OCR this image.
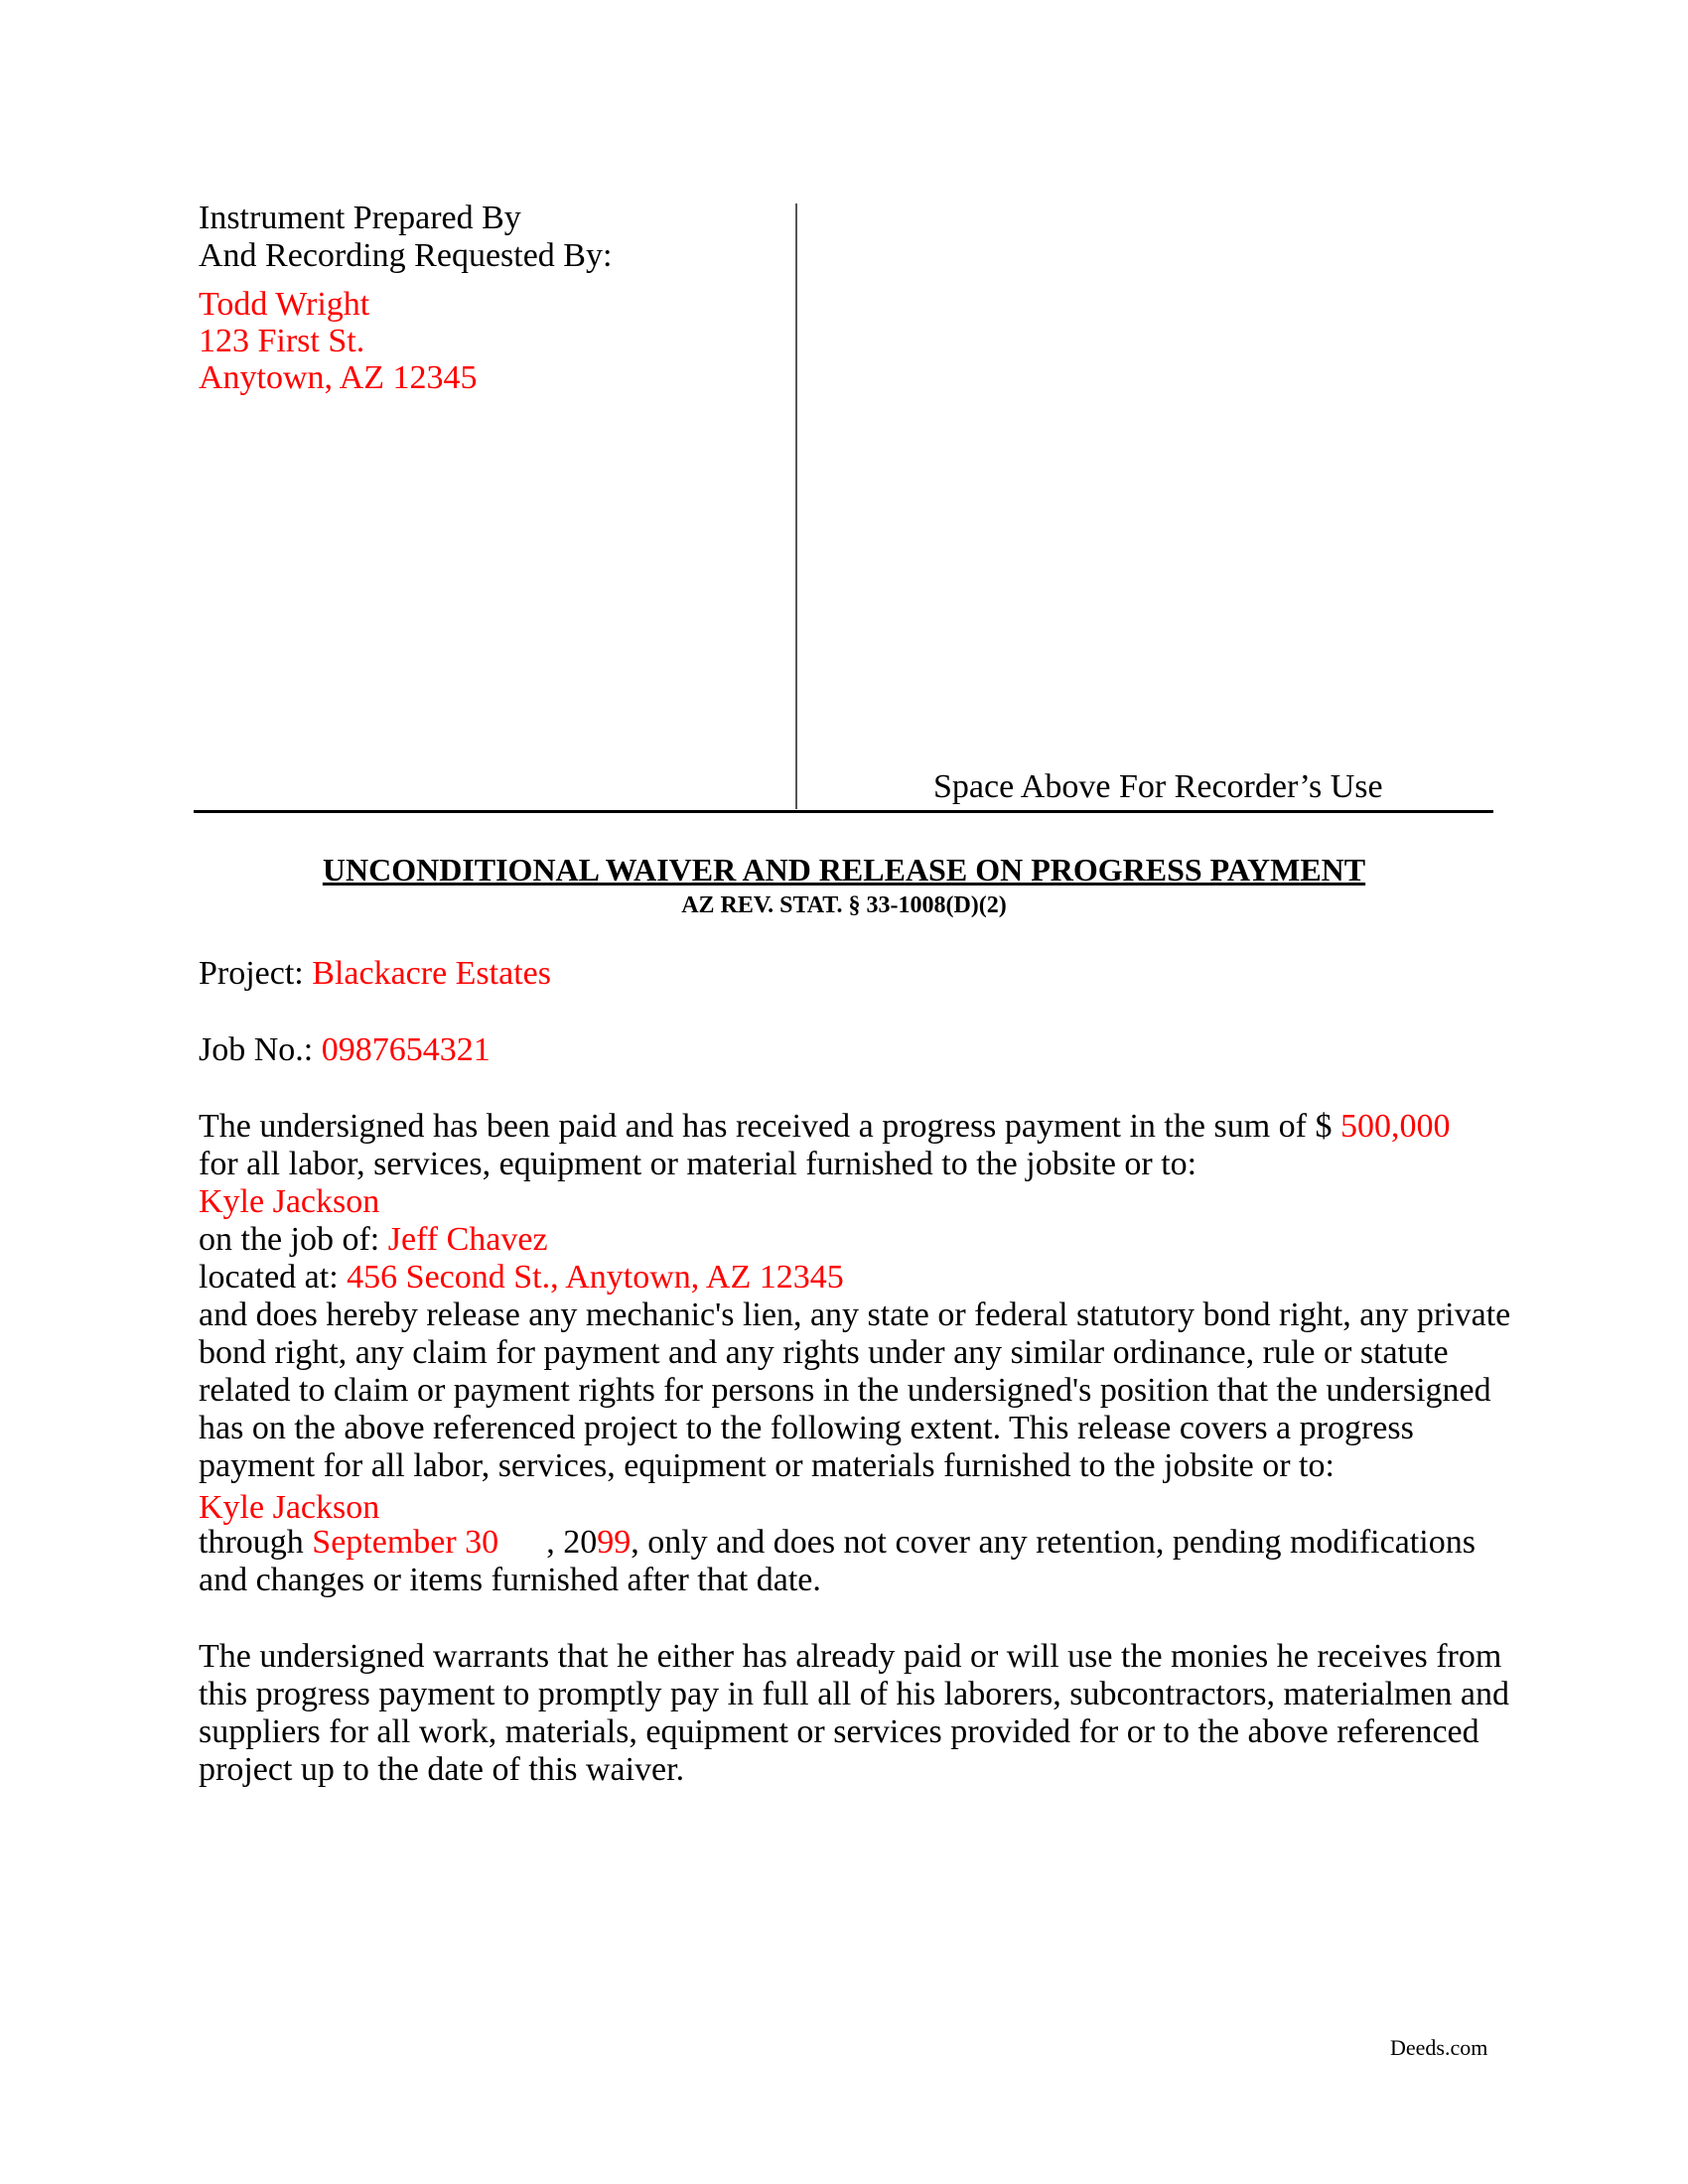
Instrument Prepared By
And Recording Requested By:
Todd Wright
123 First St.
Anytown, AZ 12345
Space Above For Recorder’s Use
UNCONDITIONAL WAIVER AND RELEASE ON PROGRESS PAYMENT
AZ REV. STAT. § 33-1008(D)(2)
Project: Blackacre Estates
Job No.: 0987654321
The undersigned has been paid and has received a progress payment in the sum of $ 500,000
for all labor, services, equipment or material furnished to the jobsite or to:
Kyle Jackson
on the job of: Jeff Chavez
located at: 456 Second St., Anytown, AZ 12345
and does hereby release any mechanic's lien, any state or federal statutory bond right, any private
bond right, any claim for payment and any rights under any similar ordinance, rule or statute
related to claim or payment rights for persons in the undersigned's position that the undersigned
has on the above referenced project to the following extent. This release covers a progress
payment for all labor, services, equipment or materials furnished to the jobsite or to:
Kyle Jackson
through September 30 , 2099, only and does not cover any retention, pending modifications
and changes or items furnished after that date.
The undersigned warrants that he either has already paid or will use the monies he receives from
this progress payment to promptly pay in full all of his laborers, subcontractors, materialmen and
suppliers for all work, materials, equipment or services provided for or to the above referenced
project up to the date of this waiver.
Deeds.com
